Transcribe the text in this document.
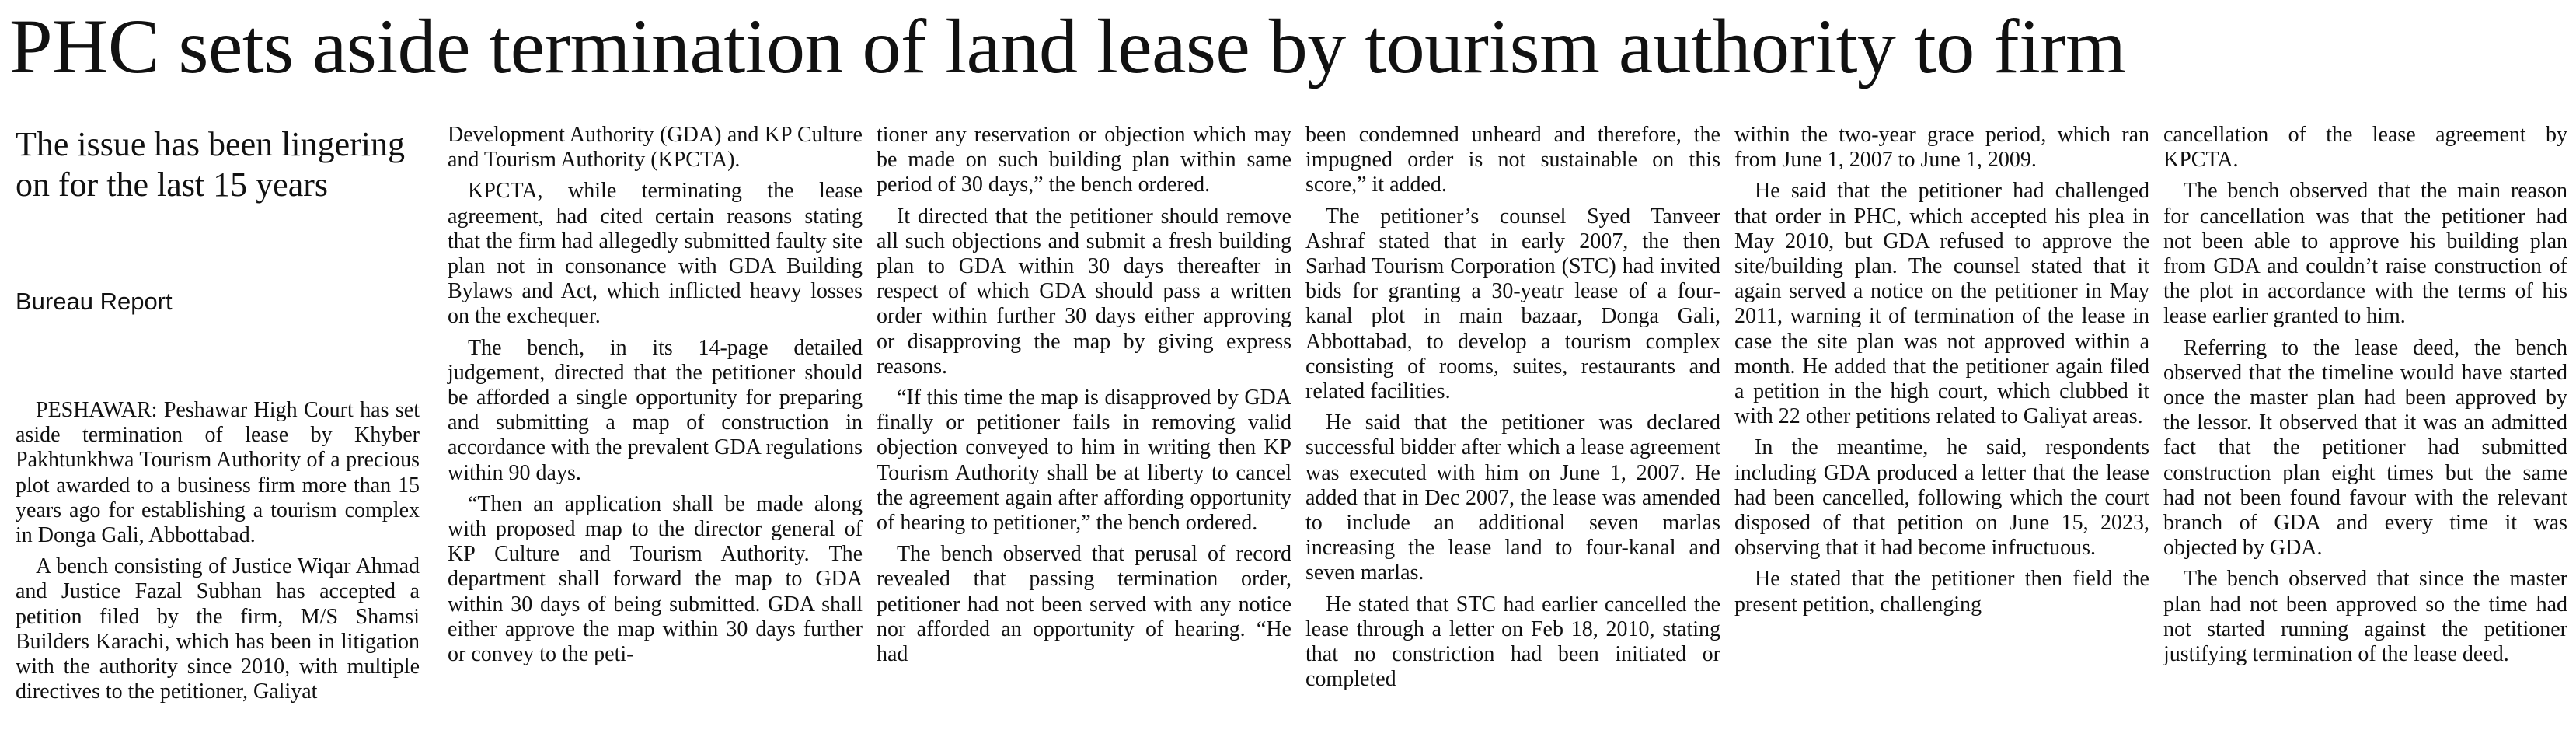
PHC sets aside termination of land lease by tourism authority to firm
The issue has been lingering on for the last 15 years
Bureau Report

PESHAWAR: Peshawar High Court has set aside termination of lease by Khyber Pakhtunkhwa Tourism Authority of a precious plot awarded to a business firm more than 15 years ago for establishing a tourism complex in Donga Gali, Abbottabad.

A bench consisting of Justice Wiqar Ahmad and Justice Fazal Subhan has accepted a petition filed by the firm, M/S Shamsi Builders Karachi, which has been in litigation with the authority since 2010, with multiple directives to the petitioner, Galiyat

Development Authority (GDA) and KP Culture and Tourism Authority (KPCTA).

KPCTA, while terminating the lease agreement, had cited certain reasons stating that the firm had allegedly submitted faulty site plan not in consonance with GDA Building Bylaws and Act, which inflicted heavy losses on the exchequer.

The bench, in its 14-page detailed judgement, directed that the petitioner should be afforded a single opportunity for preparing and submitting a map of construction in accordance with the prevalent GDA regulations within 90 days.

“Then an application shall be made along with proposed map to the director general of KP Culture and Tourism Authority. The department shall forward the map to GDA within 30 days of being submitted. GDA shall either approve the map within 30 days further or convey to the peti-

tioner any reservation or objection which may be made on such building plan within same period of 30 days,” the bench ordered.

It directed that the petitioner should remove all such objections and submit a fresh building plan to GDA within 30 days thereafter in respect of which GDA should pass a written order within further 30 days either approving or disapproving the map by giving express reasons.

“If this time the map is disapproved by GDA finally or petitioner fails in removing valid objection conveyed to him in writing then KP Tourism Authority shall be at liberty to cancel the agreement again after affording opportunity of hearing to petitioner,” the bench ordered.

The bench observed that perusal of record revealed that passing termination order, petitioner had not been served with any notice nor afforded an opportunity of hearing. “He had

been condemned unheard and therefore, the impugned order is not sustainable on this score,” it added.

The petitioner’s counsel Syed Tanveer Ashraf stated that in early 2007, the then Sarhad Tourism Corporation (STC) had invited bids for granting a 30-yeatr lease of a four-kanal plot in main bazaar, Donga Gali, Abbottabad, to develop a tourism complex consisting of rooms, suites, restaurants and related facilities.

He said that the petitioner was declared successful bidder after which a lease agreement was executed with him on June 1, 2007. He added that in Dec 2007, the lease was amended to include an additional seven marlas increasing the lease land to four-kanal and seven marlas.

He stated that STC had earlier cancelled the lease through a letter on Feb 18, 2010, stating that no constriction had been initiated or completed

within the two-year grace period, which ran from June 1, 2007 to June 1, 2009.

He said that the petitioner had challenged that order in PHC, which accepted his plea in May 2010, but GDA refused to approve the site/building plan. The counsel stated that it again served a notice on the petitioner in May 2011, warning it of termination of the lease in case the site plan was not approved within a month. He added that the petitioner again filed a petition in the high court, which clubbed it with 22 other petitions related to Galiyat areas.

In the meantime, he said, respondents including GDA produced a letter that the lease had been cancelled, following which the court disposed of that petition on June 15, 2023, observing that it had become infructuous.

He stated that the petitioner then field the present petition, challenging

cancellation of the lease agreement by KPCTA.

The bench observed that the main reason for cancellation was that the petitioner had not been able to approve his building plan from GDA and couldn’t raise construction of the plot in accordance with the terms of his lease earlier granted to him.

Referring to the lease deed, the bench observed that the timeline would have started once the master plan had been approved by the lessor. It observed that it was an admitted fact that the petitioner had submitted construction plan eight times but the same had not been found favour with the relevant branch of GDA and every time it was objected by GDA.

The bench observed that since the master plan had not been approved so the time had not started running against the petitioner justifying termination of the lease deed.
